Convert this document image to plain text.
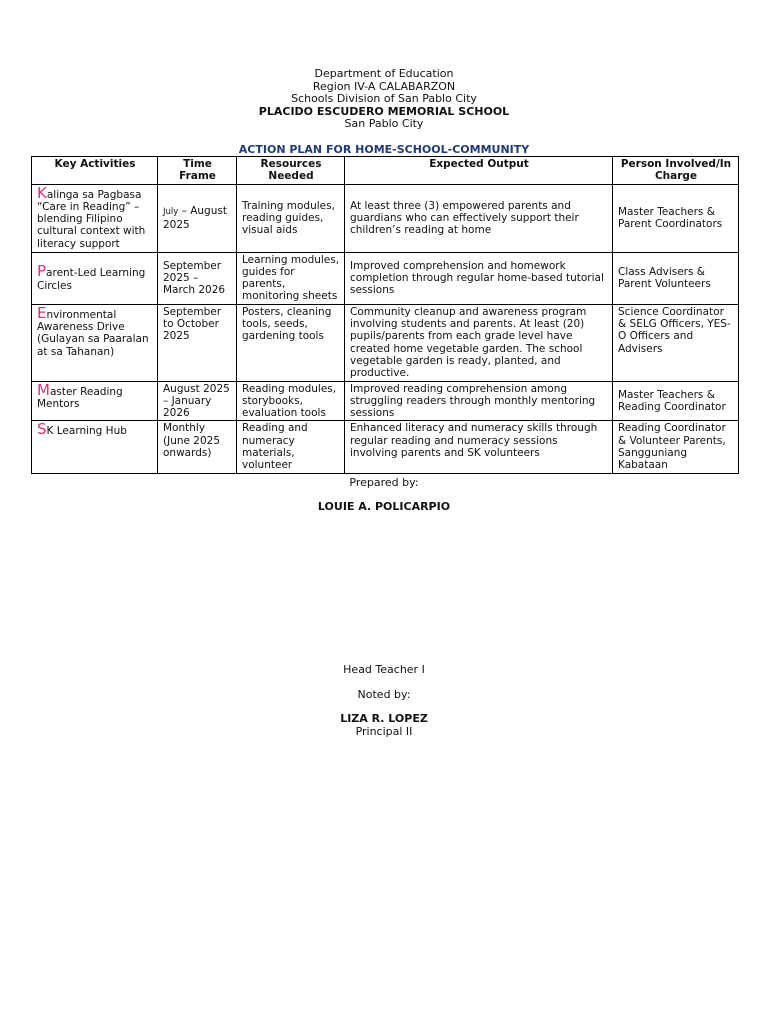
Department of Education
Region IV-A CALABARZON
Schools Division of San Pablo City
PLACIDO ESCUDERO MEMORIAL SCHOOL
San Pablo City
ACTION PLAN FOR HOME-SCHOOL-COMMUNITY
Key Activities	Time Frame	Resources Needed	Expected Output	Person Involved/In Charge
Kalinga sa Pagbasa “Care in Reading” – blending Filipino cultural context with literacy support	July – August 2025	Training modules, reading guides, visual aids	At least three (3) empowered parents and guardians who can effectively support their children’s reading at home	Master Teachers & Parent Coordinators
Parent-Led Learning Circles	September 2025 – March 2026	Learning modules, guides for parents, monitoring sheets	Improved comprehension and homework completion through regular home-based tutorial sessions	Class Advisers & Parent Volunteers
Environmental Awareness Drive (Gulayan sa Paaralan at sa Tahanan)	September to October 2025	Posters, cleaning tools, seeds, gardening tools	Community cleanup and awareness program involving students and parents. At least (20) pupils/parents from each grade level have created home vegetable garden. The school vegetable garden is ready, planted, and productive.	Science Coordinator & SELG Officers, YES-O Officers and Advisers
Master Reading Mentors	August 2025 – January 2026	Reading modules, storybooks, evaluation tools	Improved reading comprehension among struggling readers through monthly mentoring sessions	Master Teachers & Reading Coordinator
SK Learning Hub	Monthly (June 2025 onwards)	Reading and numeracy materials, volunteer	Enhanced literacy and numeracy skills through regular reading and numeracy sessions involving parents and SK volunteers	Reading Coordinator & Volunteer Parents, Sangguniang Kabataan
Prepared by:
LOUIE A. POLICARPIO
Head Teacher I
Noted by:
LIZA R. LOPEZ
Principal II
